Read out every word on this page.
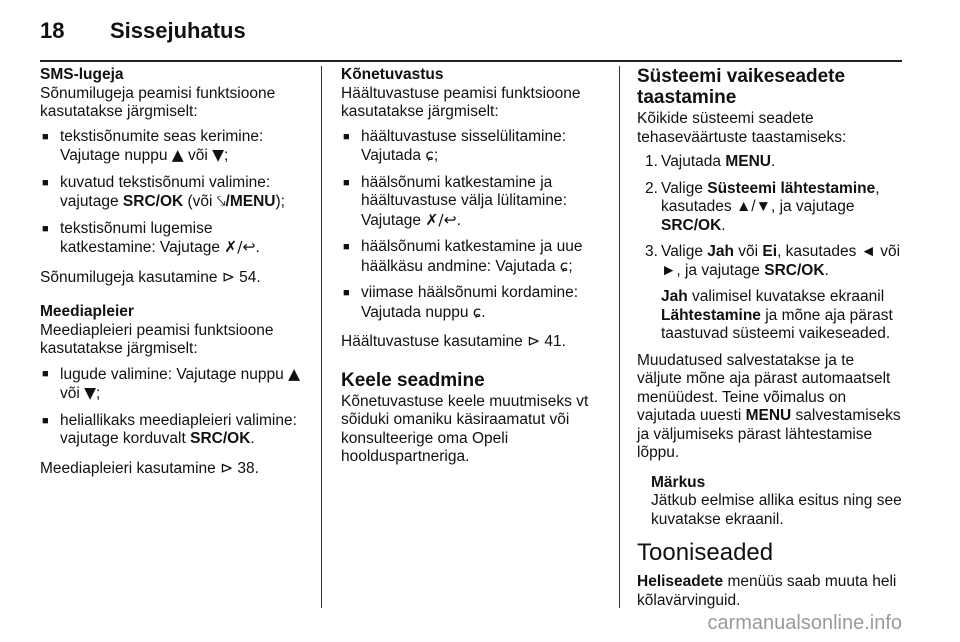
18 Sissejuhatus
SMS-lugeja
Sõnumilugeja peamisi funktsioone kasutatakse järgmiselt:
■ tekstisõnumite seas kerimine: Vajutage nuppu ▲ või ▼;
■ kuvatud tekstisõnumi valimine: vajutage SRC/OK (või ⤥/MENU);
■ tekstisõnumi lugemise katkestamine: Vajutage ✗/↩.
Sõnumilugeja kasutamine ⊳ 54.
Meediapleier
Meediapleieri peamisi funktsioone kasutatakse järgmiselt:
■ lugude valimine: Vajutage nuppu ▲ või ▼;
■ heliallikaks meediapleieri valimine: vajutage korduvalt SRC/OK.
Meediapleieri kasutamine ⊳ 38.
Kõnetuvastus
Häältuvastuse peamisi funktsioone kasutatakse järgmiselt:
■ häältuvastuse sisselülitamine: Vajutada ɕ;
■ häälsõnumi katkestamine ja häältuvastuse välja lülitamine: Vajutage ✗/↩.
■ häälsõnumi katkestamine ja uue häälkäsu andmine: Vajutada ɕ;
■ viimase häälsõnumi kordamine: Vajutada nuppu ɕ.
Häältuvastuse kasutamine ⊳ 41.
Keele seadmine
Kõnetuvastuse keele muutmiseks vt sõiduki omaniku käsiraamatut või konsulteerige oma Opeli hoolduspartneriga.
Süsteemi vaikeseadete taastamine
Kõikide süsteemi seadete tehaseväärtuste taastamiseks:
1. Vajutada MENU.
2. Valige Süsteemi lähtestamine, kasutades ▲/▼, ja vajutage SRC/OK.
3. Valige Jah või Ei, kasutades ◄ või ►, ja vajutage SRC/OK.
Jah valimisel kuvatakse ekraanil Lähtestamine ja mõne aja pärast taastuvad süsteemi vaikeseaded.
Muudatused salvestatakse ja te väljute mõne aja pärast automaatselt menüüdest. Teine võimalus on vajutada uuesti MENU salvestamiseks ja väljumiseks pärast lähtestamise lõppu.
Märkus
Jätkub eelmise allika esitus ning see kuvatakse ekraanil.
Tooniseaded
Heliseadete menüüs saab muuta heli kõlavärvinguid.
carmanualsonline.info
